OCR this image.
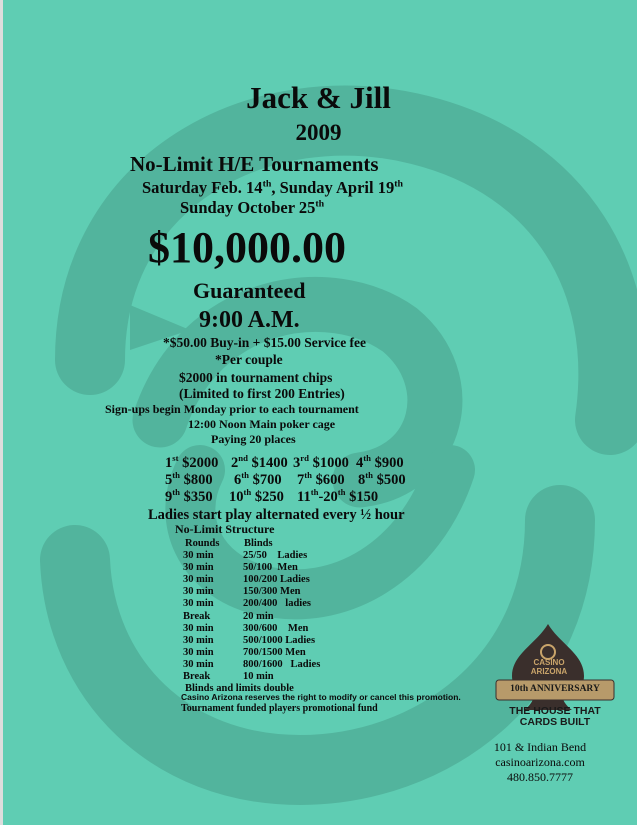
Jack & Jill
2009
No-Limit H/E Tournaments
Saturday Feb. 14th, Sunday April 19th
Sunday October 25th
$10,000.00
Guaranteed
9:00 A.M.
*$50.00 Buy-in + $15.00 Service fee
*Per couple
$2000 in tournament chips
(Limited to first 200 Entries)
Sign-ups begin Monday prior to each tournament
12:00 Noon Main poker cage
Paying 20 places
1st $2000 2nd $1400 3rd $1000 4th $900
5th $800 6th $700 7th $600 8th $500
9th $350 10th $250 11th-20th $150
Ladies start play alternated every ½ hour
No-Limit Structure
Rounds Blinds
30 min	25/50    Ladies
30 min	50/100  Men
30 min	100/200 Ladies
30 min	150/300 Men
30 min	200/400   ladies
Break	20 min
30 min	300/600    Men
30 min	500/1000 Ladies
30 min	700/1500 Men
30 min	800/1600   Ladies
Break	10 min
Blinds and limits double
Casino Arizona reserves the right to modify or cancel this promotion.
Tournament funded players promotional fund
CASINO
ARIZONA
10th ANNIVERSARY
THE HOUSE THAT
CARDS BUILT
101 & Indian Bend
casinoarizona.com
480.850.7777
